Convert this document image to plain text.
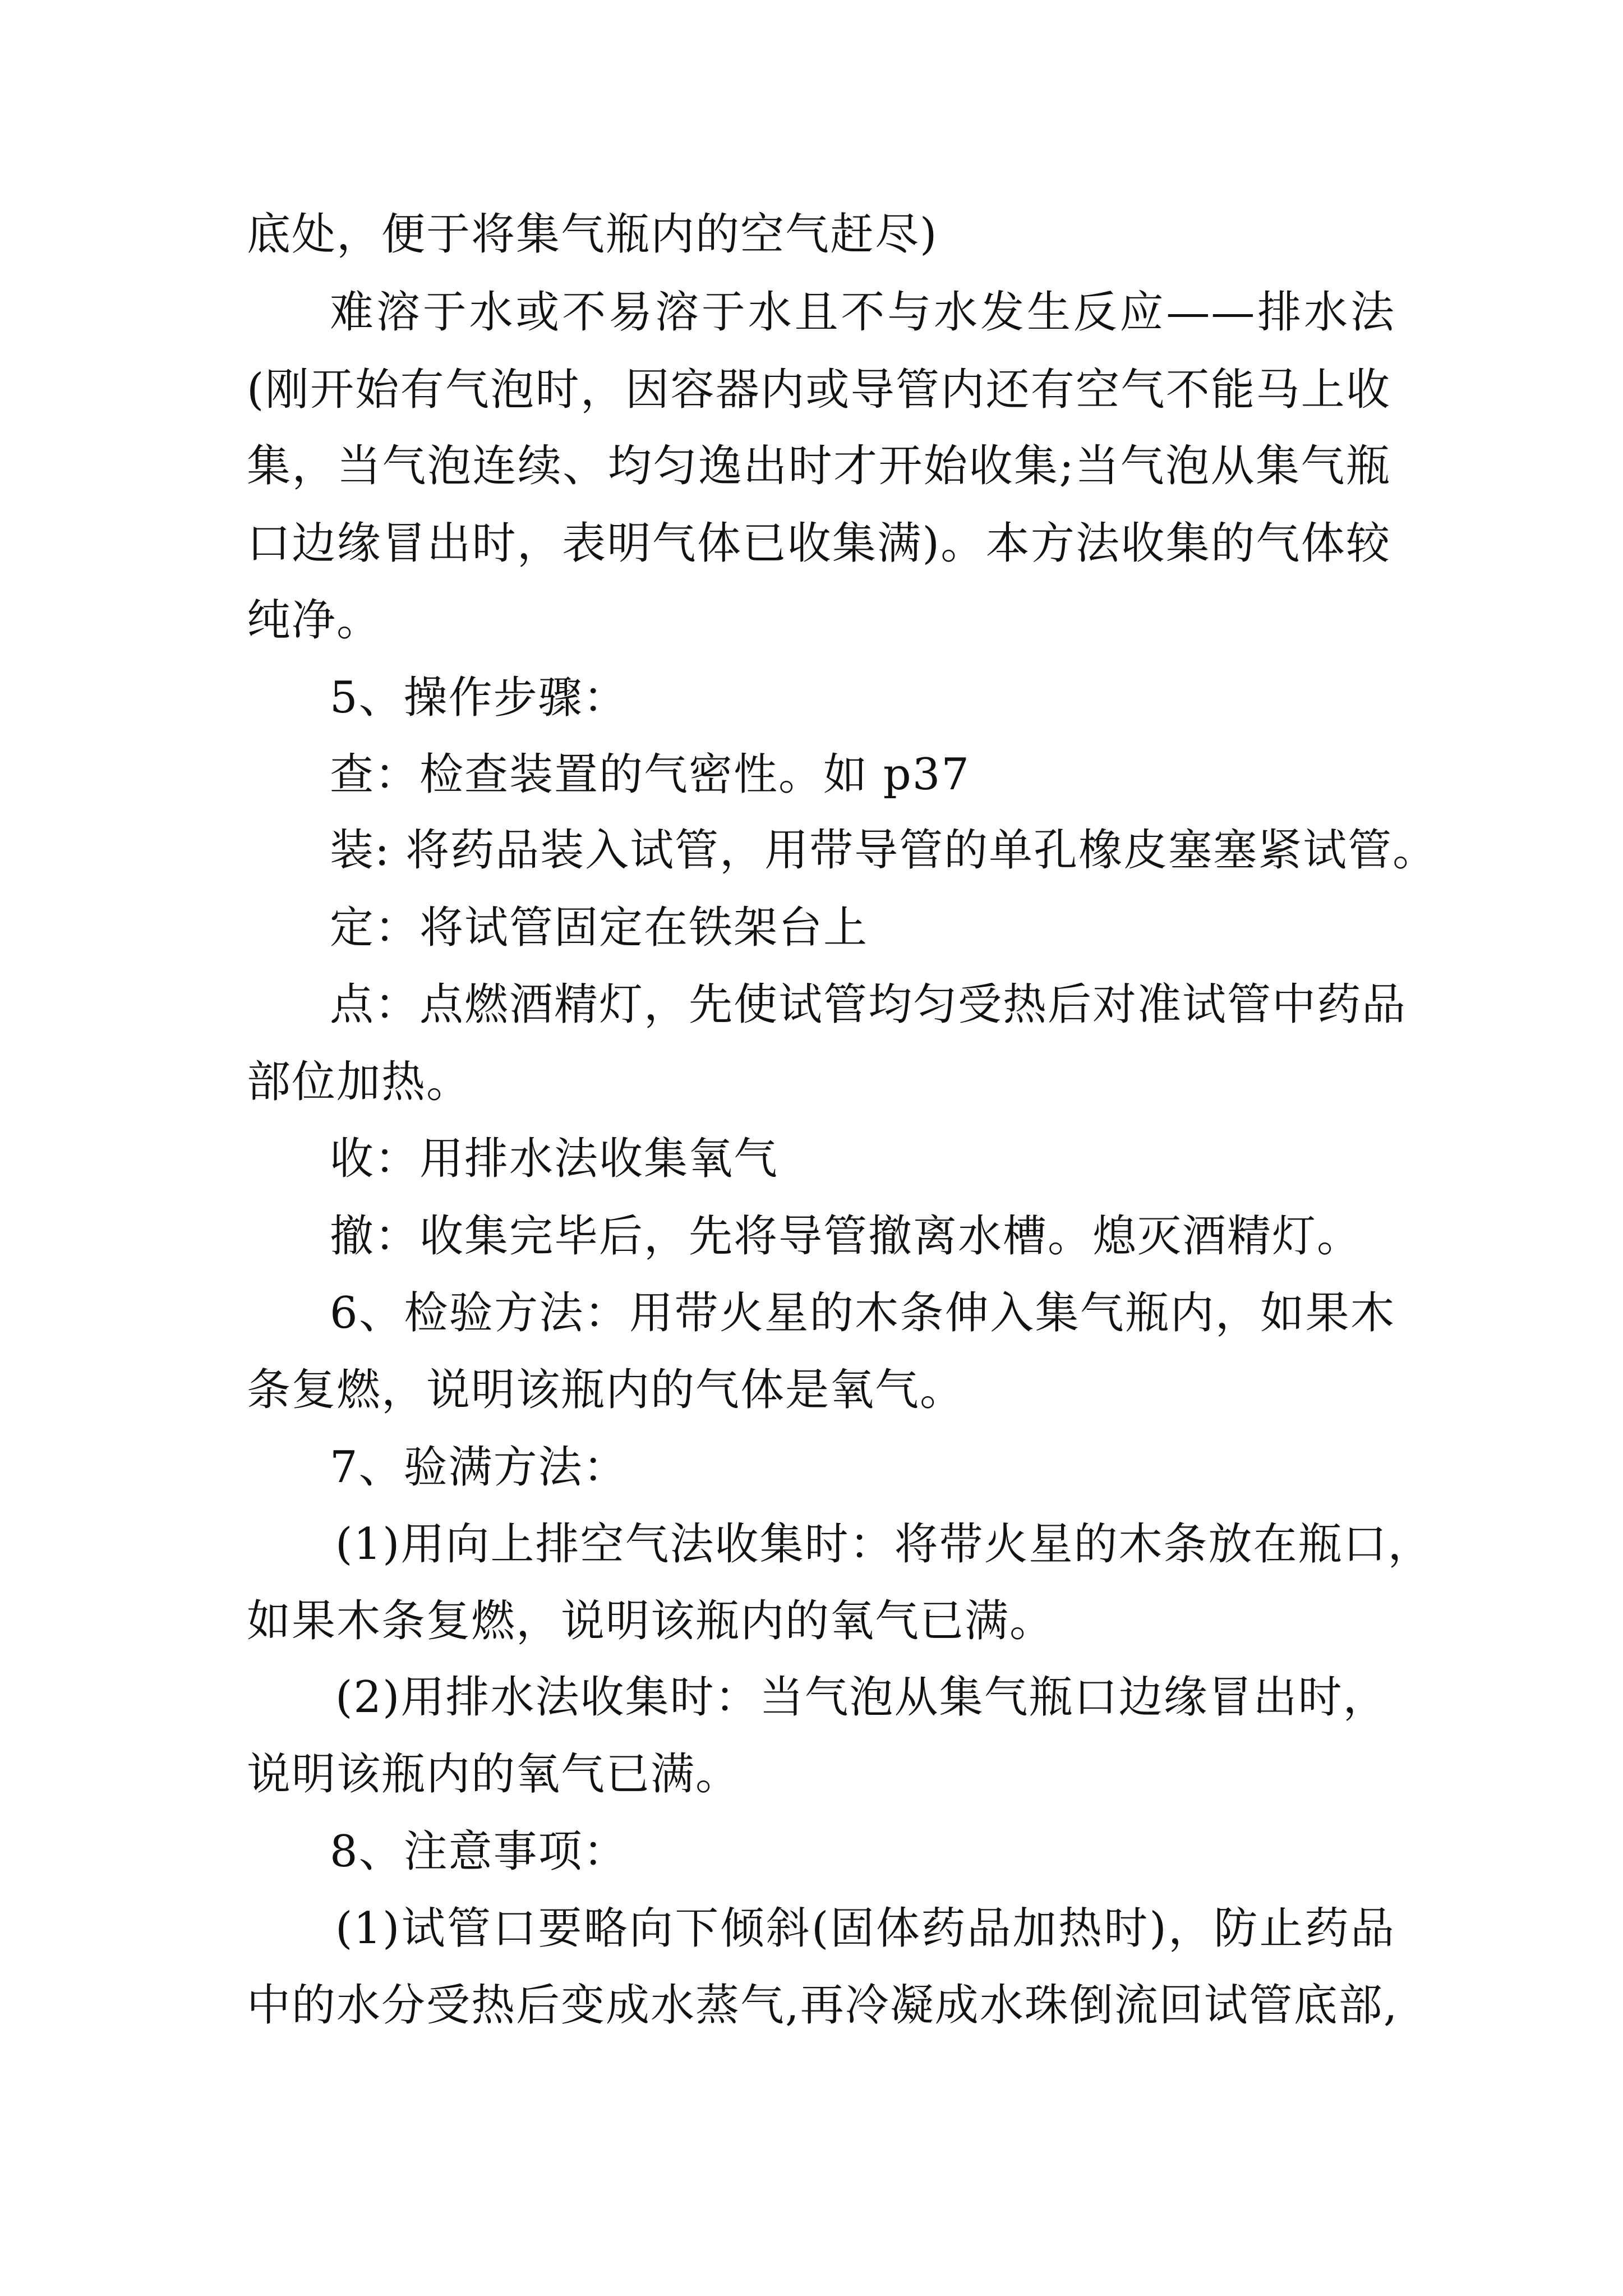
底处，便于将集气瓶内的空气赶尽)
难溶于水或不易溶于水且不与水发生反应——排水法
(刚开始有气泡时，因容器内或导管内还有空气不能马上收
集，当气泡连续、均匀逸出时才开始收集;当气泡从集气瓶
口边缘冒出时，表明气体已收集满)。本方法收集的气体较
纯净。
5、操作步骤：
查：检查装置的气密性。如 p37
装: 将药品装入试管，用带导管的单孔橡皮塞塞紧试管。
定：将试管固定在铁架台上
点：点燃酒精灯，先使试管均匀受热后对准试管中药品
部位加热。
收：用排水法收集氧气
撤：收集完毕后，先将导管撤离水槽。熄灭酒精灯。
6、检验方法：用带火星的木条伸入集气瓶内，如果木
条复燃，说明该瓶内的气体是氧气。
7、验满方法：
(1)用向上排空气法收集时：将带火星的木条放在瓶口，
如果木条复燃，说明该瓶内的氧气已满。
(2)用排水法收集时：当气泡从集气瓶口边缘冒出时，
说明该瓶内的氧气已满。
8、注意事项：
(1)试管口要略向下倾斜(固体药品加热时)，防止药品
中的水分受热后变成水蒸气,再冷凝成水珠倒流回试管底部,
